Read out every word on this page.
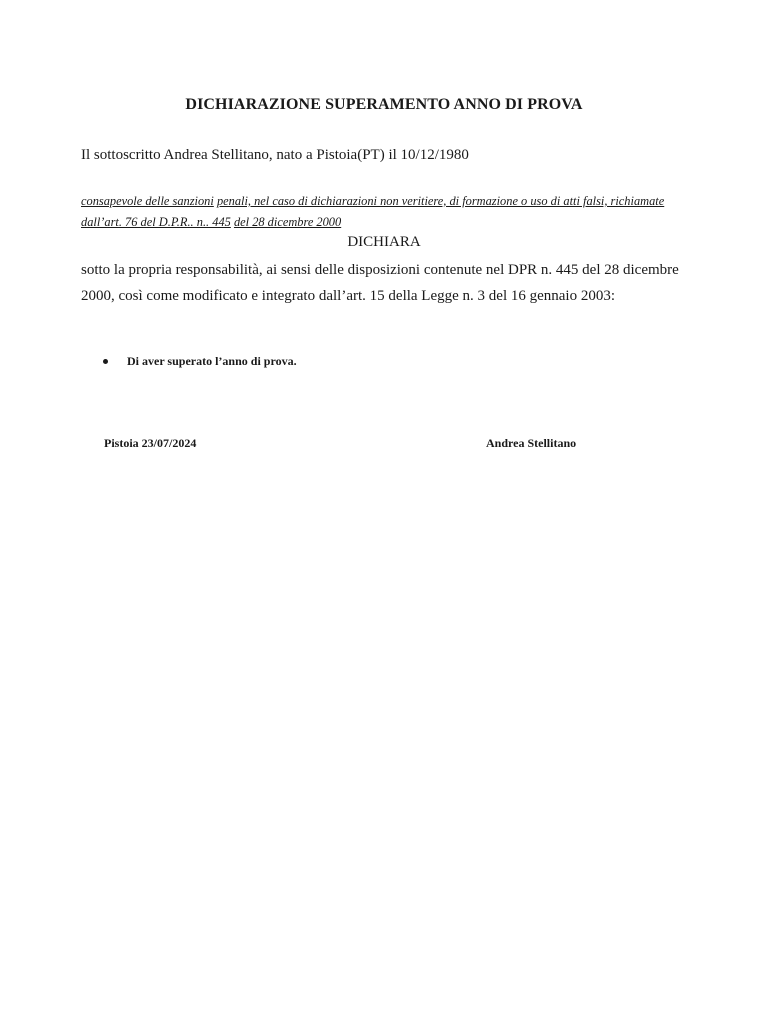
DICHIARAZIONE SUPERAMENTO ANNO DI PROVA
Il sottoscritto Andrea Stellitano, nato a Pistoia(PT) il 10/12/1980
consapevole delle sanzioni penali, nel caso di dichiarazioni non veritiere, di formazione o uso di atti falsi, richiamate dall’art. 76 del D.P.R.. n.. 445 del 28 dicembre 2000
DICHIARA
sotto la propria responsabilità, ai sensi delle disposizioni contenute nel DPR n. 445 del 28 dicembre 2000, così come modificato e integrato dall’art. 15 della Legge n. 3 del 16 gennaio 2003:
Di aver superato l’anno di prova.
Pistoia 23/07/2024	Andrea Stellitano
